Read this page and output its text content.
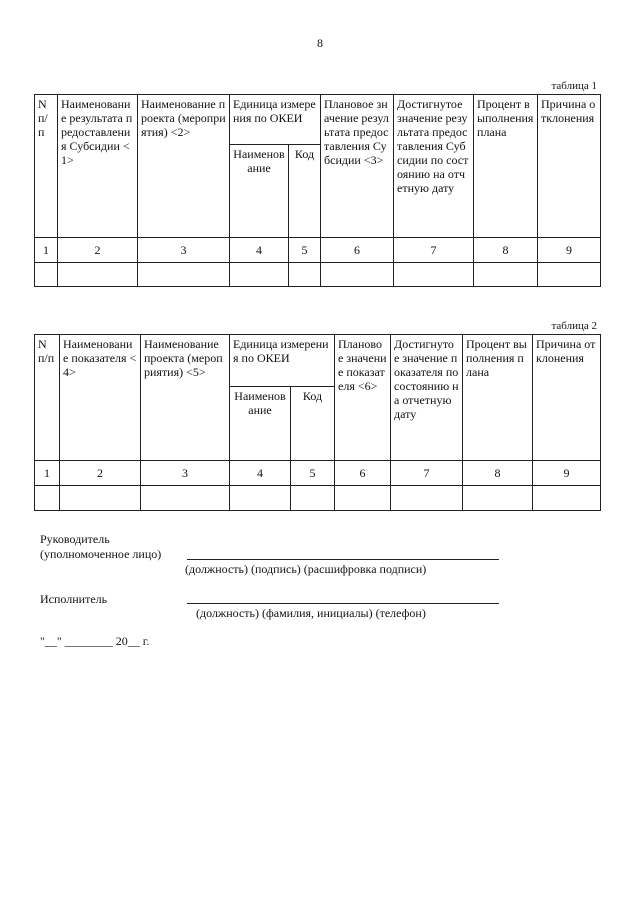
8
таблица 1
N п/п	Наименование результата предоставления Субсидии <1>	Наименование проекта (мероприятия) <2>	Единица измерения по ОКЕИ		Плановое значение результата предоставления Субсидии <3>	Достигнутое значение результата предоставления Субсидии по состоянию на отчетную дату	Процент выполнения плана	Причина отклонения
			Наименование	Код				
1	2	3	4	5	6	7	8	9

таблица 2
N п/п	Наименование показателя <4>	Наименование проекта (мероприятия) <5>	Единица измерения по ОКЕИ		Плановое значение показателя <6>	Достигнутое значение показателя по состоянию на отчетную дату	Процент выполнения плана	Причина отклонения
			Наименование	Код				
1	2	3	4	5	6	7	8	9

Руководитель
(уполномоченное лицо)
(должность) (подпись) (расшифровка подписи)
Исполнитель
(должность) (фамилия, инициалы) (телефон)
"__" ________ 20__ г.
